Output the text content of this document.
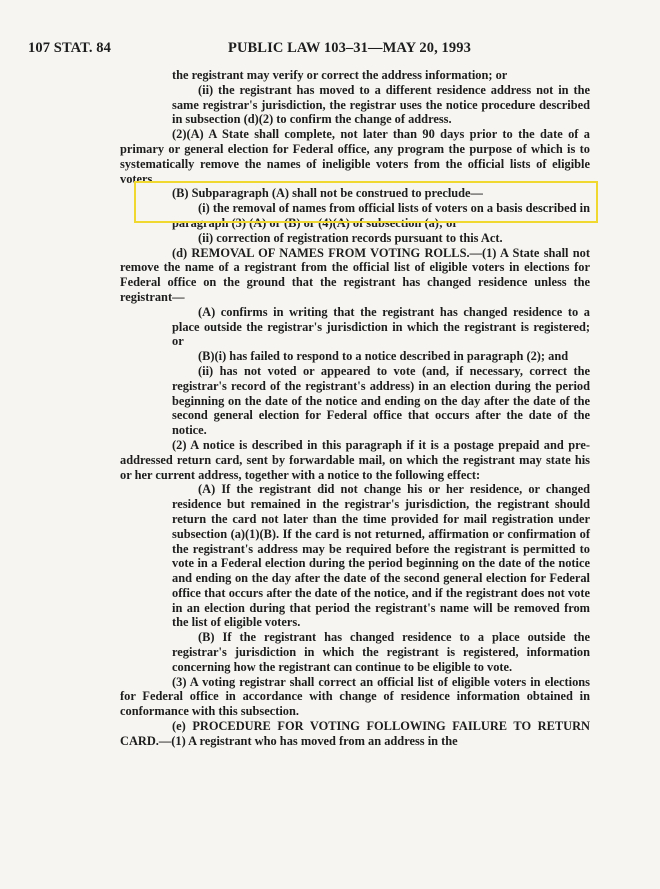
107 STAT. 84	PUBLIC LAW 103–31—MAY 20, 1993

the registrant may verify or correct the address information; or

(ii) the registrant has moved to a different residence address not in the same registrar's jurisdiction, the registrar uses the notice procedure described in subsection (d)(2) to confirm the change of address.

(2)(A) A State shall complete, not later than 90 days prior to the date of a primary or general election for Federal office, any program the purpose of which is to systematically remove the names of ineligible voters from the official lists of eligible voters.

(B) Subparagraph (A) shall not be construed to preclude—

(i) the removal of names from official lists of voters on a basis described in paragraph (3) (A) or (B) or (4)(A) of subsection (a); or

(ii) correction of registration records pursuant to this Act.

(d) REMOVAL OF NAMES FROM VOTING ROLLS.—(1) A State shall not remove the name of a registrant from the official list of eligible voters in elections for Federal office on the ground that the registrant has changed residence unless the registrant—

(A) confirms in writing that the registrant has changed residence to a place outside the registrar's jurisdiction in which the registrant is registered; or

(B)(i) has failed to respond to a notice described in paragraph (2); and

(ii) has not voted or appeared to vote (and, if necessary, correct the registrar's record of the registrant's address) in an election during the period beginning on the date of the notice and ending on the day after the date of the second general election for Federal office that occurs after the date of the notice.

(2) A notice is described in this paragraph if it is a postage prepaid and pre-addressed return card, sent by forwardable mail, on which the registrant may state his or her current address, together with a notice to the following effect:

(A) If the registrant did not change his or her residence, or changed residence but remained in the registrar's jurisdiction, the registrant should return the card not later than the time provided for mail registration under subsection (a)(1)(B). If the card is not returned, affirmation or confirmation of the registrant's address may be required before the registrant is permitted to vote in a Federal election during the period beginning on the date of the notice and ending on the day after the date of the second general election for Federal office that occurs after the date of the notice, and if the registrant does not vote in an election during that period the registrant's name will be removed from the list of eligible voters.

(B) If the registrant has changed residence to a place outside the registrar's jurisdiction in which the registrant is registered, information concerning how the registrant can continue to be eligible to vote.

(3) A voting registrar shall correct an official list of eligible voters in elections for Federal office in accordance with change of residence information obtained in conformance with this subsection.

(e) PROCEDURE FOR VOTING FOLLOWING FAILURE TO RETURN CARD.—(1) A registrant who has moved from an address in the
